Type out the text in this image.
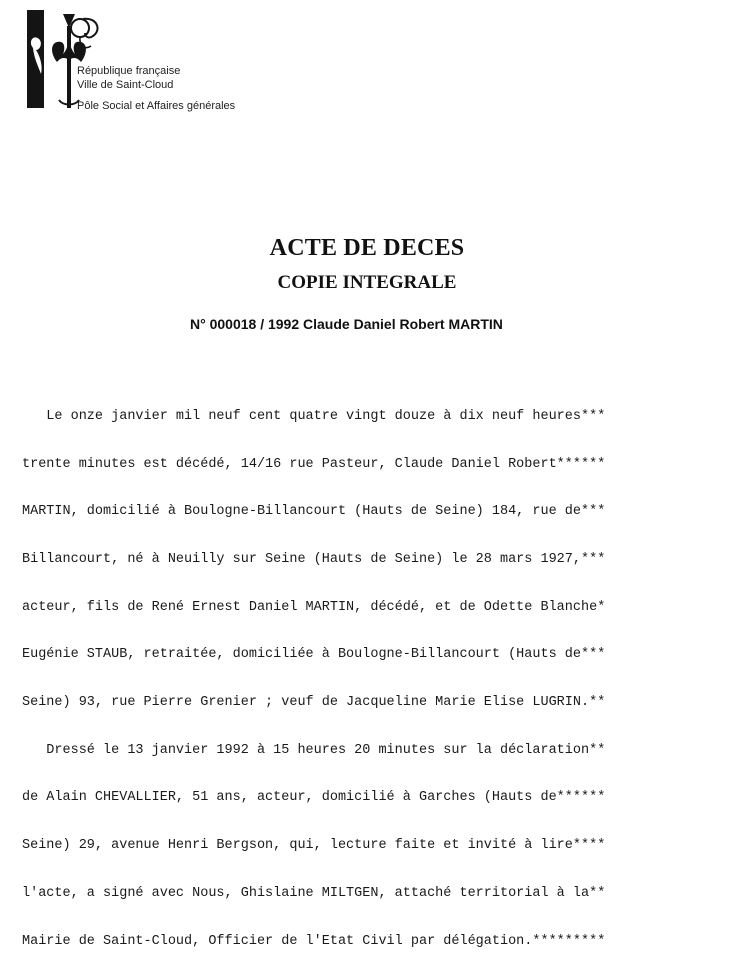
République française
Ville de Saint-Cloud
Pôle Social et Affaires générales
ACTE DE DECES
COPIE INTEGRALE
N° 000018 / 1992 Claude Daniel Robert MARTIN

Le onze janvier mil neuf cent quatre vingt douze à dix neuf heures***

trente minutes est décédé, 14/16 rue Pasteur, Claude Daniel Robert******

MARTIN, domicilié à Boulogne-Billancourt (Hauts de Seine) 184, rue de***

Billancourt, né à Neuilly sur Seine (Hauts de Seine) le 28 mars 1927,***

acteur, fils de René Ernest Daniel MARTIN, décédé, et de Odette Blanche*

Eugénie STAUB, retraitée, domiciliée à Boulogne-Billancourt (Hauts de***

Seine) 93, rue Pierre Grenier ; veuf de Jacqueline Marie Elise LUGRIN.**

Dressé le 13 janvier 1992 à 15 heures 20 minutes sur la déclaration**

de Alain CHEVALLIER, 51 ans, acteur, domicilié à Garches (Hauts de******

Seine) 29, avenue Henri Bergson, qui, lecture faite et invité à lire****

l'acte, a signé avec Nous, Ghislaine MILTGEN, attaché territorial à la**

Mairie de Saint-Cloud, Officier de l'Etat Civil par délégation.*********
